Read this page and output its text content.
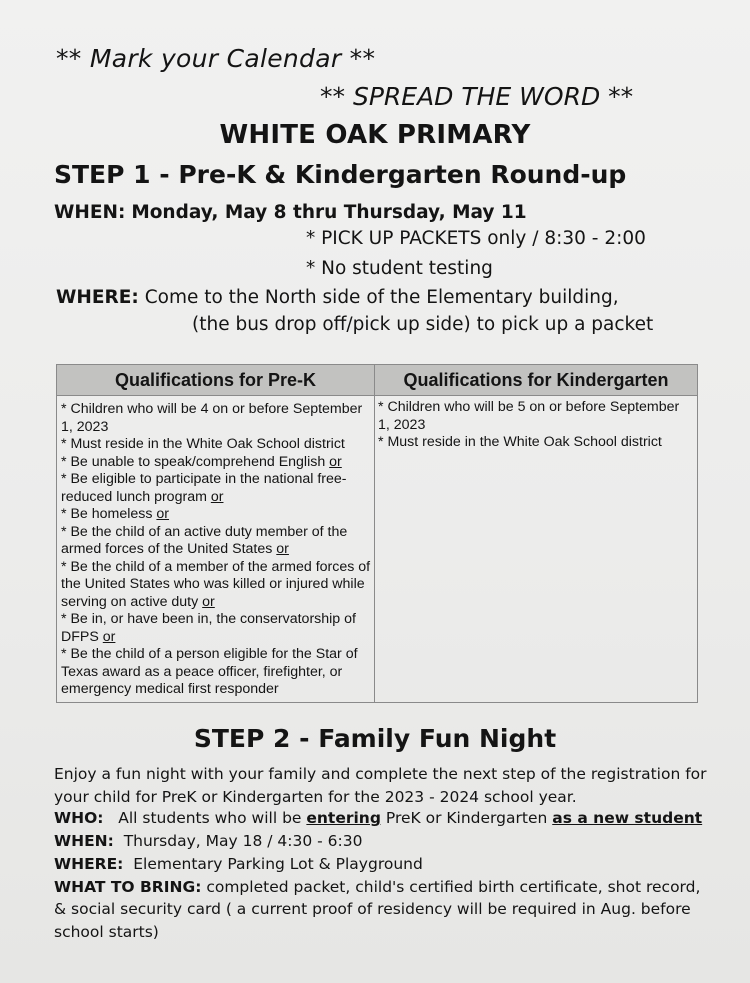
** Mark your Calendar **
** SPREAD THE WORD **
WHITE OAK PRIMARY
STEP 1 - Pre-K & Kindergarten Round-up
WHEN: Monday, May 8 thru Thursday, May 11
* PICK UP PACKETS only / 8:30 - 2:00
* No student testing
WHERE: Come to the North side of the Elementary building,
(the bus drop off/pick up side) to pick up a packet
Qualifications for Pre-K	Qualifications for Kindergarten
* Children who will be 4 on or before September 1, 2023
* Must reside in the White Oak School district
* Be unable to speak/comprehend English or
* Be eligible to participate in the national free-reduced lunch program or
* Be homeless or
* Be the child of an active duty member of the armed forces of the United States or
* Be the child of a member of the armed forces of the United States who was killed or injured while serving on active duty or
* Be in, or have been in, the conservatorship of DFPS or
* Be the child of a person eligible for the Star of Texas award as a peace officer, firefighter, or emergency medical first responder
* Children who will be 5 on or before September 1, 2023
* Must reside in the White Oak School district
STEP 2 - Family Fun Night
Enjoy a fun night with your family and complete the next step of the registration for
your child for PreK or Kindergarten for the 2023 - 2024 school year.
WHO: All students who will be entering PreK or Kindergarten as a new student
WHEN: Thursday, May 18 / 4:30 - 6:30
WHERE: Elementary Parking Lot & Playground
WHAT TO BRING: completed packet, child's certified birth certificate, shot record,
& social security card ( a current proof of residency will be required in Aug. before
school starts)
